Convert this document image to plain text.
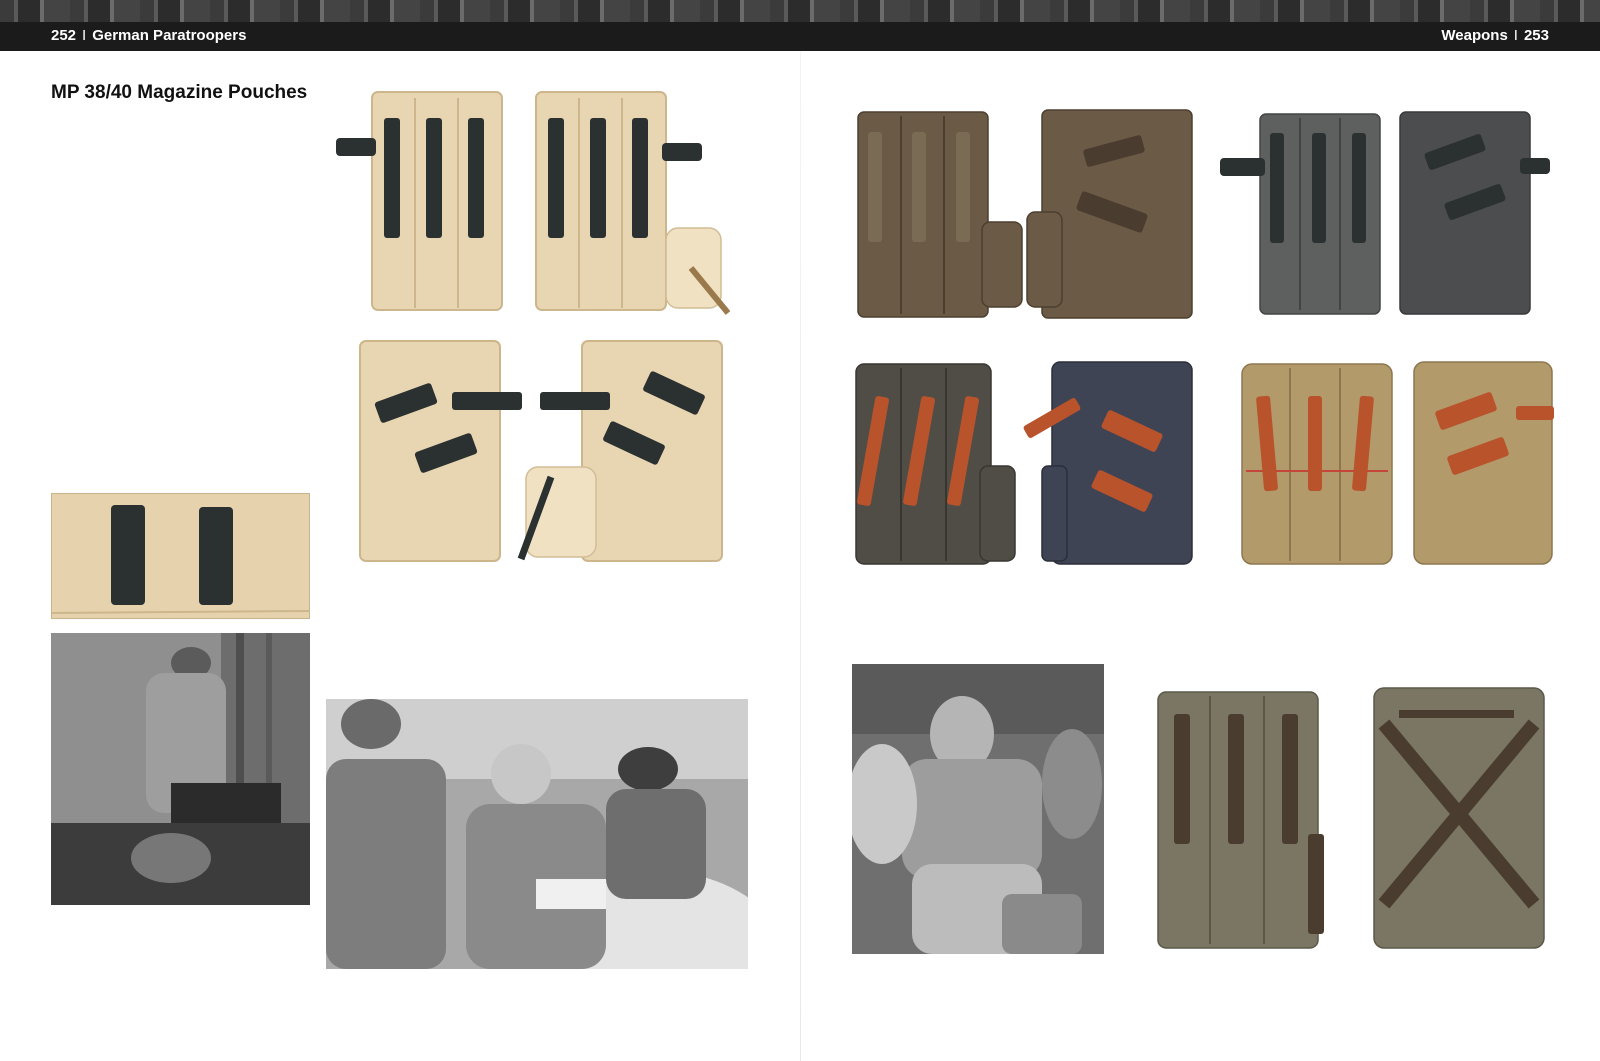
252 I German Paratroopers	Weapons I 253
MP 38/40 Magazine Pouches
